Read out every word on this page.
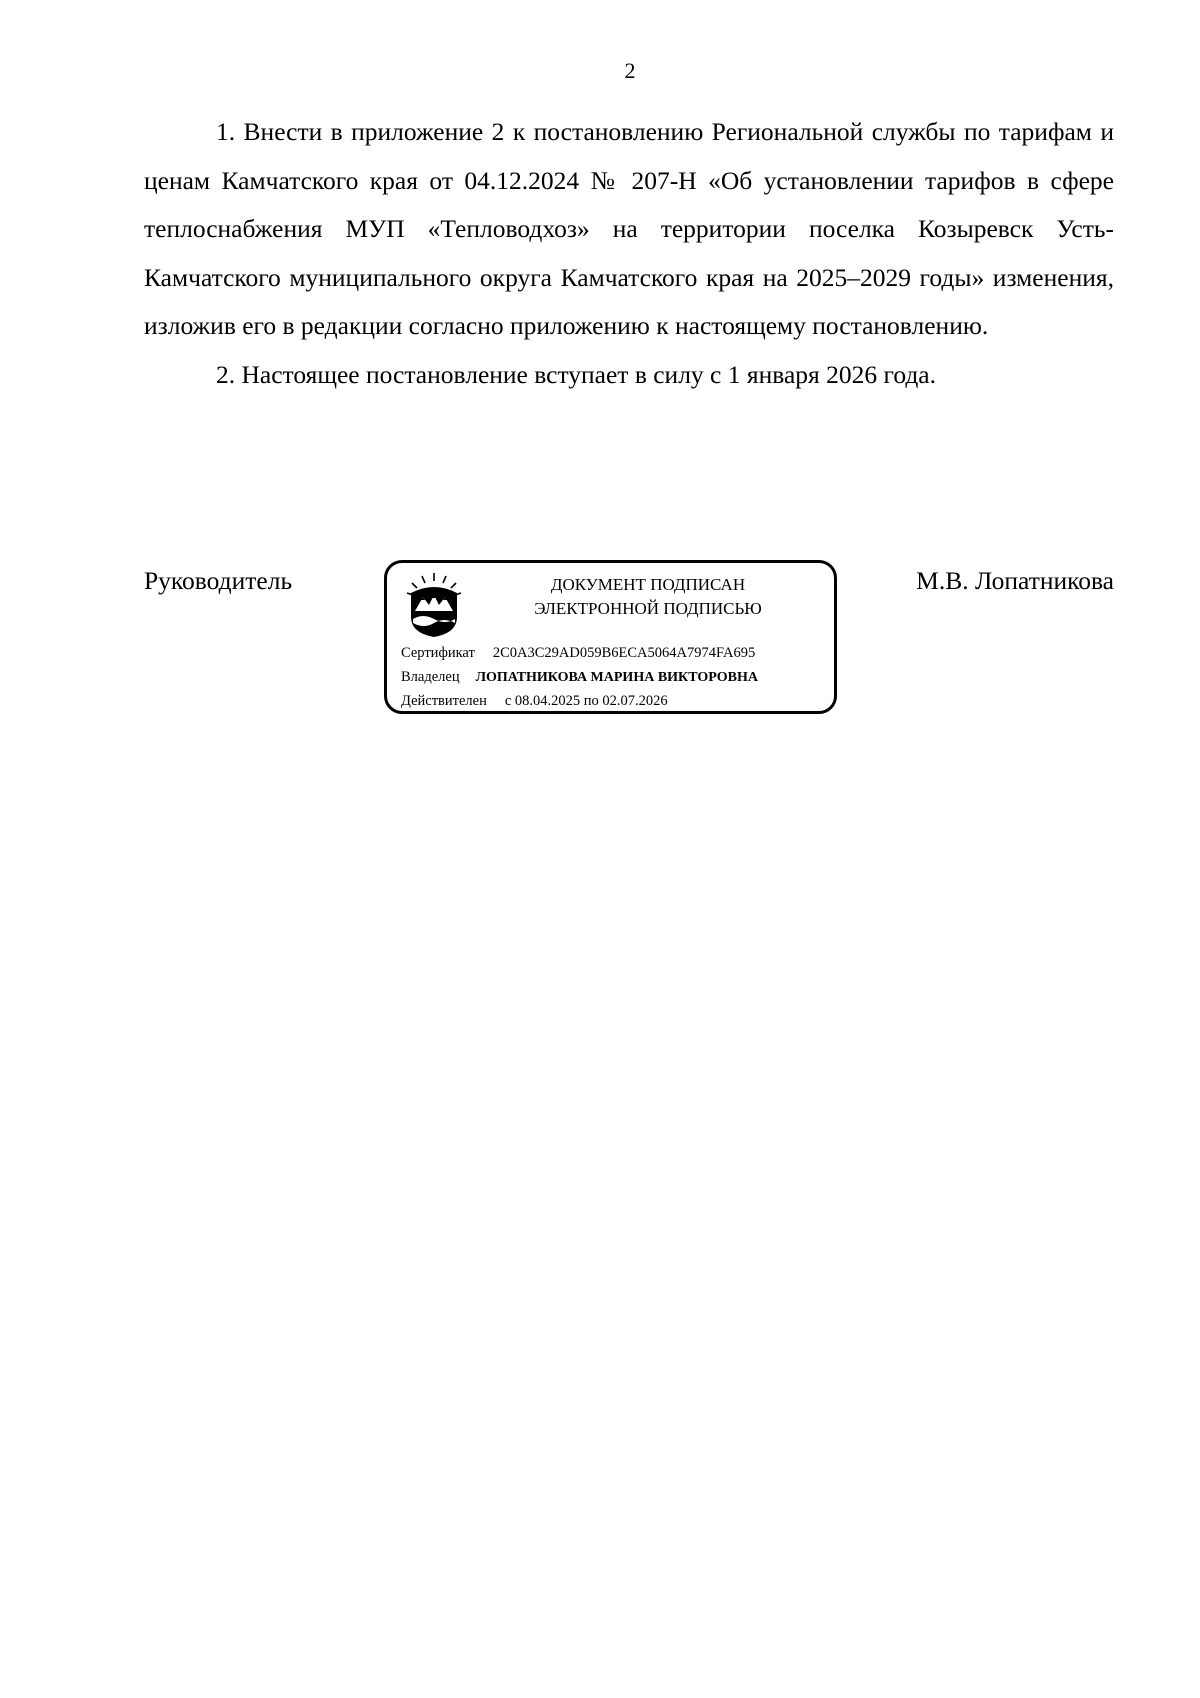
2

1. Внести в приложение 2 к постановлению Региональной службы по тарифам и ценам Камчатского края от 04.12.2024 № 207-Н «Об установлении тарифов в сфере теплоснабжения МУП «Тепловодхоз» на территории поселка Козыревск Усть-Камчатского муниципального округа Камчатского края на 2025–2029 годы» изменения, изложив его в редакции согласно приложению к настоящему постановлению.

2. Настоящее постановление вступает в силу с 1 января 2026 года.

Руководитель	ДОКУМЕНТ ПОДПИСАН
ЭЛЕКТРОННОЙ ПОДПИСЬЮ
Сертификат 2C0A3C29AD059B6ECA5064A7974FA695
Владелец ЛОПАТНИКОВА МАРИНА ВИКТОРОВНА
Действителен с 08.04.2025 по 02.07.2026
М.В. Лопатникова
